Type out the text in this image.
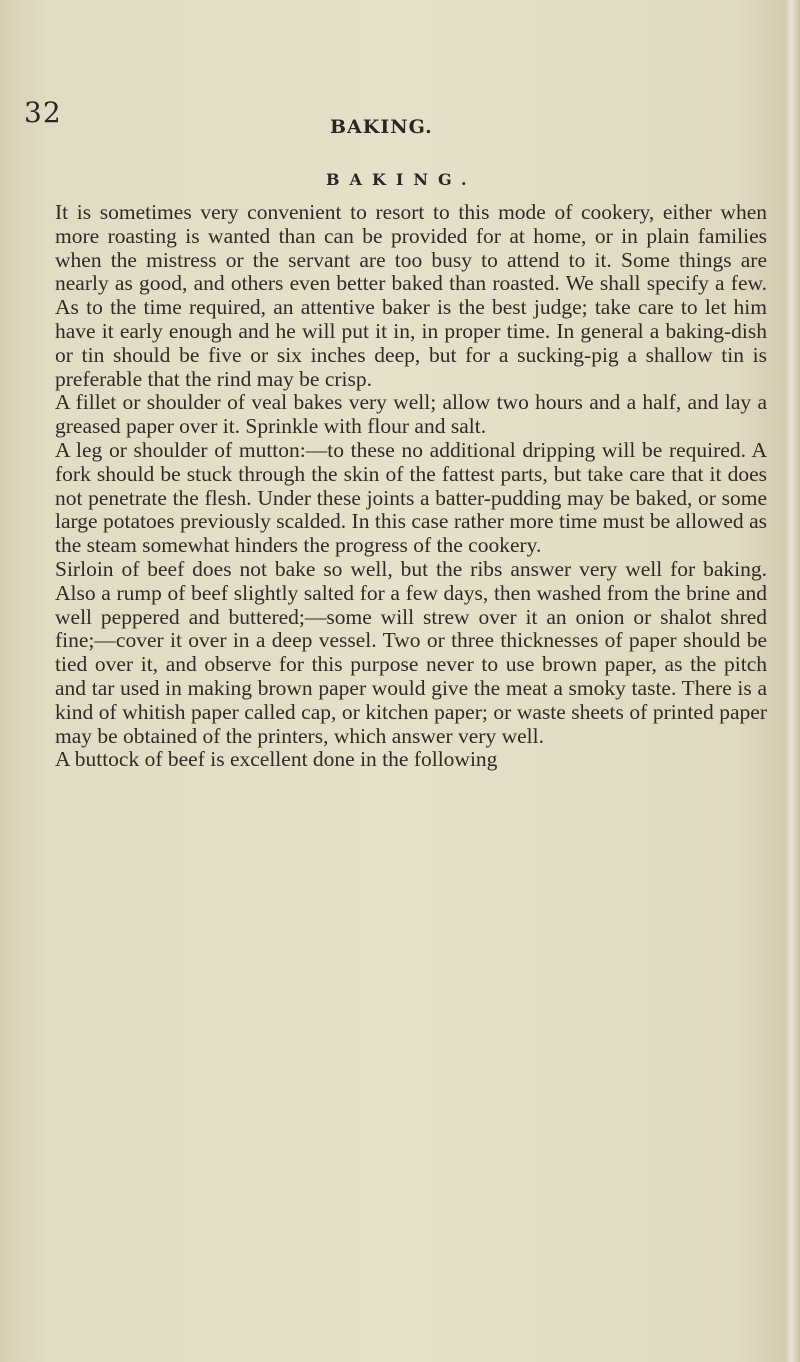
32	BAKING.
BAKING.

It is sometimes very convenient to resort to this mode of cookery, either when more roasting is wanted than can be provided for at home, or in plain families when the mistress or the servant are too busy to attend to it. Some things are nearly as good, and others even better baked than roasted. We shall specify a few. As to the time required, an attentive baker is the best judge; take care to let him have it early enough and he will put it in, in proper time. In general a baking-dish or tin should be five or six inches deep, but for a sucking-pig a shallow tin is preferable that the rind may be crisp.

A fillet or shoulder of veal bakes very well; allow two hours and a half, and lay a greased paper over it. Sprinkle with flour and salt.

A leg or shoulder of mutton:—to these no additional dripping will be required. A fork should be stuck through the skin of the fattest parts, but take care that it does not penetrate the flesh. Under these joints a batter-pudding may be baked, or some large potatoes previously scalded. In this case rather more time must be allowed as the steam somewhat hinders the progress of the cookery.

Sirloin of beef does not bake so well, but the ribs answer very well for baking. Also a rump of beef slightly salted for a few days, then washed from the brine and well peppered and buttered;—some will strew over it an onion or shalot shred fine;—cover it over in a deep vessel. Two or three thicknesses of paper should be tied over it, and observe for this purpose never to use brown paper, as the pitch and tar used in making brown paper would give the meat a smoky taste. There is a kind of whitish paper called cap, or kitchen paper; or waste sheets of printed paper may be obtained of the printers, which answer very well.

A buttock of beef is excellent done in the following
